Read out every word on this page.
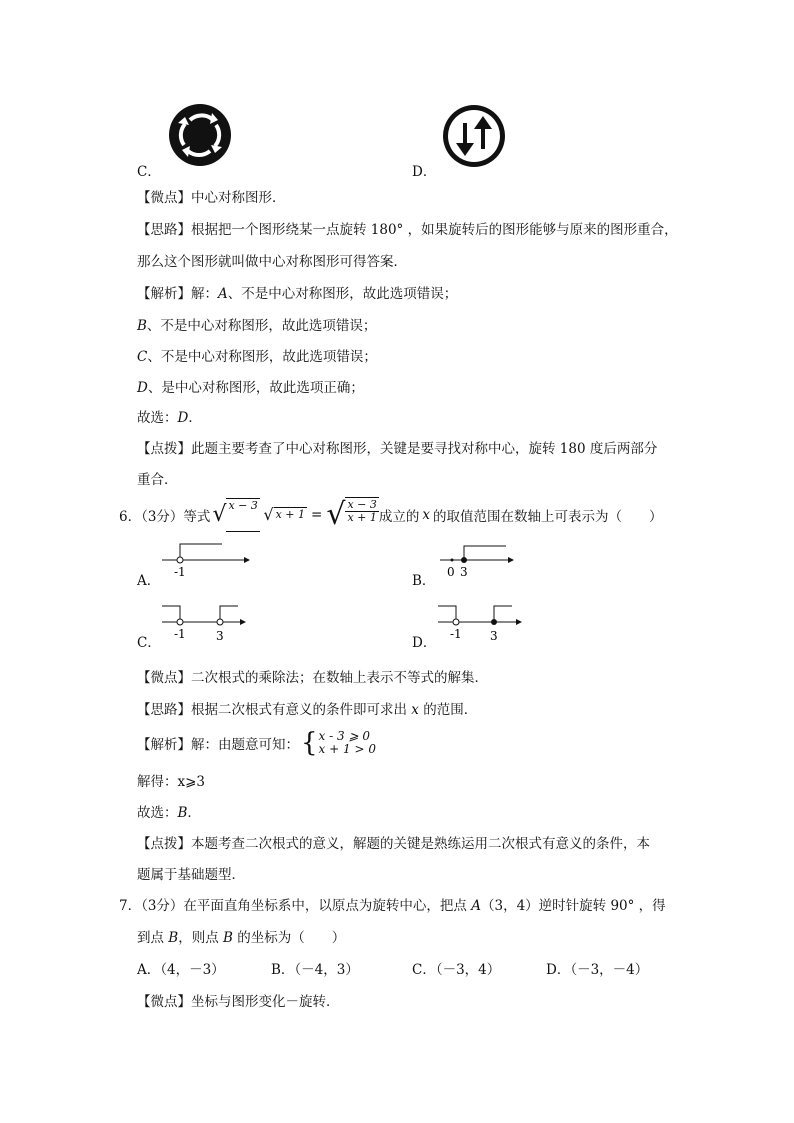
C．	D．
【微点】中心对称图形．
【思路】根据把一个图形绕某一点旋转 180° ，如果旋转后的图形能够与原来的图形重合，
那么这个图形就叫做中心对称图形可得答案．
【解析】解：A、不是中心对称图形，故此选项错误；
B、不是中心对称图形，故此选项错误；
C、不是中心对称图形，故此选项错误；
D、是中心对称图形，故此选项正确；
故选：D．
【点拨】此题主要考查了中心对称图形，关键是要寻找对称中心，旋转 180 度后两部分
重合．
6．（3分）等式 √ x − 3
√ x + 1 = √ $\frac{x - 3}{x + 1}$ 成立的 x 的取值范围在数轴上可表示为（　　）
A．
-1
B．
0 3
C．
-1	3	D．
-1 3
【微点】二次根式的乘除法；在数轴上表示不等式的解集．
【思路】根据二次根式有意义的条件即可求出 x 的范围．
【解析】解：由题意可知： { x - 3 ⩾ 0
x + 1 > 0
解得：x⩾3
故选：B．
【点拨】本题考查二次根式的意义，解题的关键是熟练运用二次根式有意义的条件，本
题属于基础题型．
7．（3分）在平面直角坐标系中，以原点为旋转中心，把点 A（3，4）逆时针旋转 90° ，得
到点 B，则点 B 的坐标为（　　）
A．（4，－3）	B．（－4，3）	C．（－3，4）	D．（－3，－4）
【微点】坐标与图形变化－旋转．
